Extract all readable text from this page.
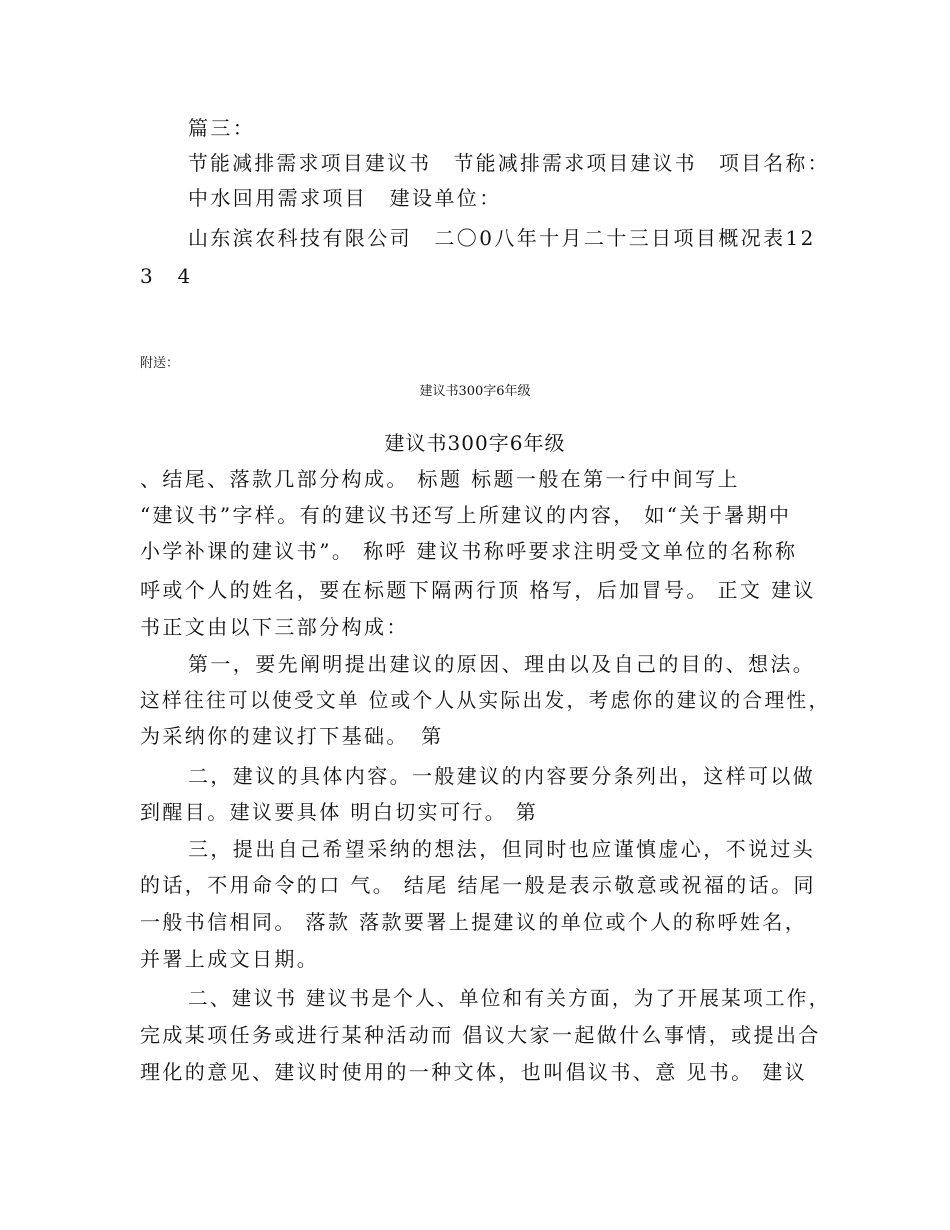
篇三：
节能减排需求项目建议书　节能减排需求项目建议书　项目名称：
中水回用需求项目　建设单位：
山东滨农科技有限公司　二〇0八年十月二十三日项目概况表12
3　4
附送：
建议书300字6年级
建议书300字6年级
、结尾、落款几部分构成。 标题 标题一般在第一行中间写上
“建议书”字样。有的建议书还写上所建议的内容， 如“关于暑期中
小学补课的建议书”。 称呼 建议书称呼要求注明受文单位的名称称
呼或个人的姓名，要在标题下隔两行顶 格写，后加冒号。 正文 建议
书正文由以下三部分构成：
第一，要先阐明提出建议的原因、理由以及自己的目的、想法。
这样往往可以使受文单 位或个人从实际出发，考虑你的建议的合理性，
为采纳你的建议打下基础。　第
二，建议的具体内容。一般建议的内容要分条列出，这样可以做
到醒目。建议要具体 明白切实可行。 第
三，提出自己希望采纳的想法，但同时也应谨慎虚心，不说过头
的话，不用命令的口 气。 结尾 结尾一般是表示敬意或祝福的话。同
一般书信相同。 落款 落款要署上提建议的单位或个人的称呼姓名，
并署上成文日期。
二、建议书 建议书是个人、单位和有关方面，为了开展某项工作，
完成某项任务或进行某种活动而 倡议大家一起做什么事情，或提出合
理化的意见、建议时使用的一种文体，也叫倡议书、意 见书。 建议
